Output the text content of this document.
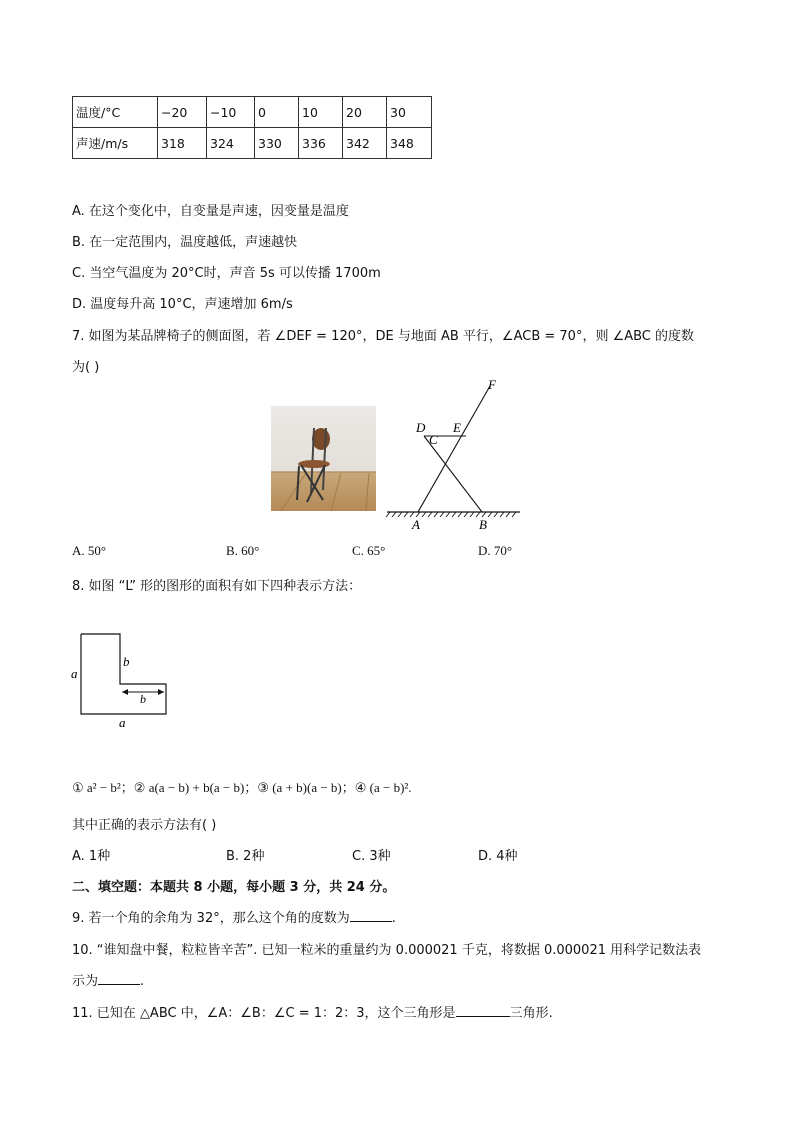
温度/°C	−20	−10	0	10	20	30
声速/m/s	318	324	330	336	342	348
A. 在这个变化中，自变量是声速，因变量是温度
B. 在一定范围内，温度越低，声速越快
C. 当空气温度为 20°C时，声音 5s 可以传播 1700m
D. 温度每升高 10°C，声速增加 6m/s
7. 如图为某品牌椅子的侧面图，若 ∠DEF = 120°，DE 与地面 AB 平行，∠ACB = 70°，则 ∠ABC 的度数
为( )
F
D E
C
A	B
A. 50°	B. 60°	C. 65°	D. 70°
8. 如图 “L” 形的图形的面积有如下四种表示方法：
a
b
b
a
① a² − b²；② a(a − b) + b(a − b)；③ (a + b)(a − b)；④ (a − b)².
其中正确的表示方法有( )
A. 1种	B. 2种	C. 3种	D. 4种
二、填空题：本题共 8 小题，每小题 3 分，共 24 分。
9. 若一个角的余角为 32°，那么这个角的度数为	.
10. “谁知盘中餐，粒粒皆辛苦”. 已知一粒米的重量约为 0.000021 千克，将数据 0.000021 用科学记数法表
示为	.
11. 已知在 △ABC 中，∠A：∠B：∠C = 1：2：3，这个三角形是	三角形.
